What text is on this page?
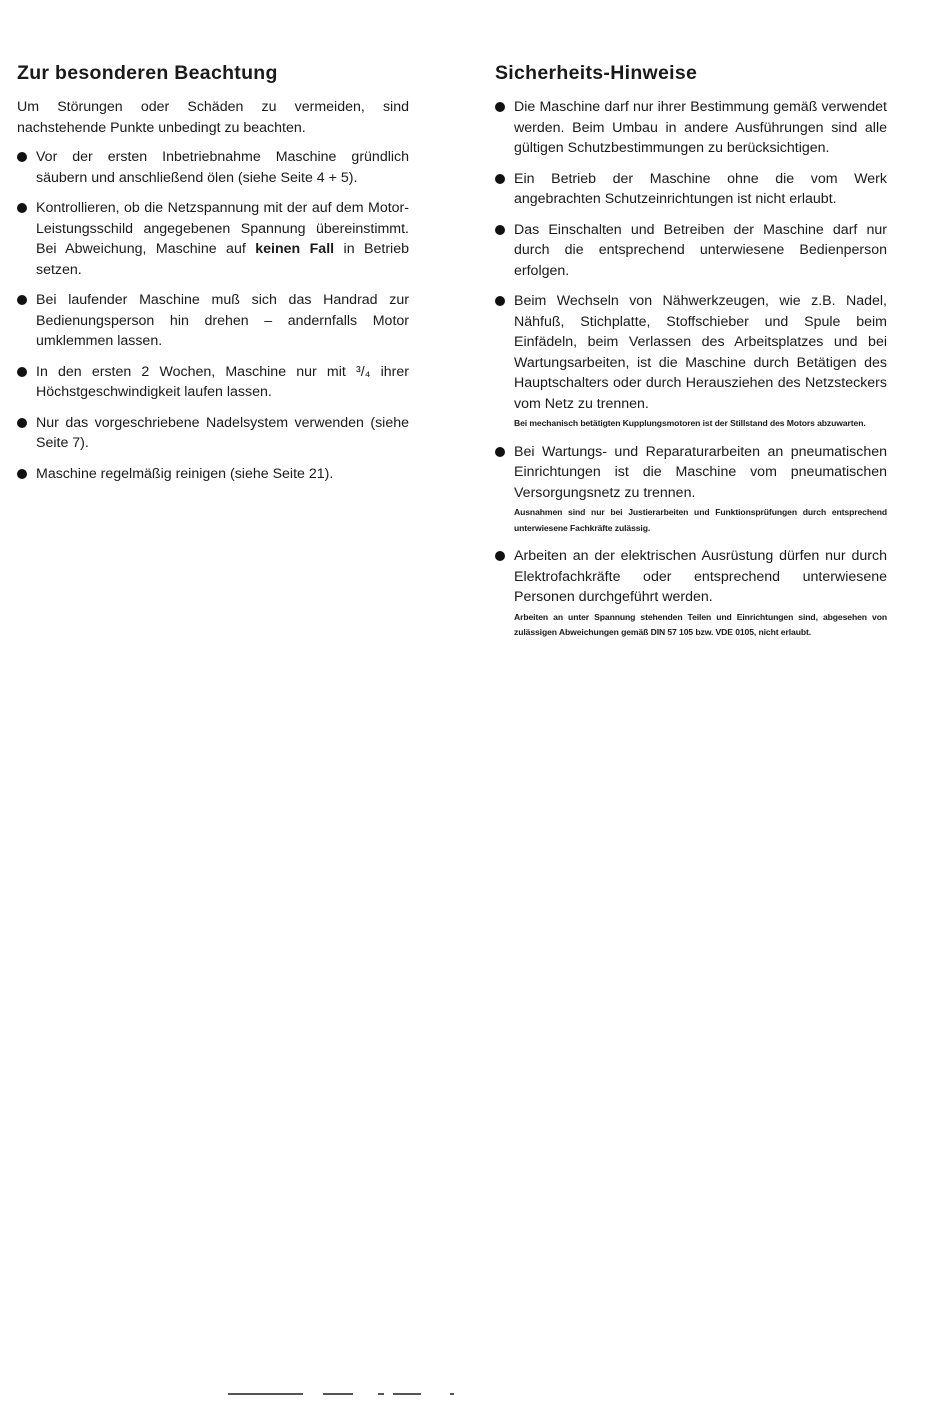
Zur besonderen Beachtung

Um Störungen oder Schäden zu vermeiden, sind nachstehende Punkte unbedingt zu beachten.

Vor der ersten Inbetriebnahme Maschine gründlich säubern und anschließend ölen (siehe Seite 4 + 5).
Kontrollieren, ob die Netzspannung mit der auf dem Motor-Leistungsschild angegebenen Spannung übereinstimmt. Bei Abweichung, Maschine auf keinen Fall in Betrieb setzen.
Bei laufender Maschine muß sich das Handrad zur Bedienungsperson hin drehen – andernfalls Motor umklemmen lassen.
In den ersten 2 Wochen, Maschine nur mit ³/₄ ihrer Höchstgeschwindigkeit laufen lassen.
Nur das vorgeschriebene Nadelsystem verwenden (siehe Seite 7).
Maschine regelmäßig reinigen (siehe Seite 21).
Sicherheits-Hinweise
Die Maschine darf nur ihrer Bestimmung gemäß verwendet werden. Beim Umbau in andere Ausführungen sind alle gültigen Schutzbestimmungen zu berücksichtigen.
Ein Betrieb der Maschine ohne die vom Werk angebrachten Schutzeinrichtungen ist nicht erlaubt.
Das Einschalten und Betreiben der Maschine darf nur durch die entsprechend unterwiesene Bedienperson erfolgen.
Beim Wechseln von Nähwerkzeugen, wie z.B. Nadel, Nähfuß, Stichplatte, Stoffschieber und Spule beim Einfädeln, beim Verlassen des Arbeitsplatzes und bei Wartungsarbeiten, ist die Maschine durch Betätigen des Hauptschalters oder durch Herausziehen des Netzsteckers vom Netz zu trennen.
Bei mechanisch betätigten Kupplungsmotoren ist der Stillstand des Motors abzuwarten.
Bei Wartungs- und Reparaturarbeiten an pneumatischen Einrichtungen ist die Maschine vom pneumatischen Versorgungsnetz zu trennen.
Ausnahmen sind nur bei Justierarbeiten und Funktionsprüfungen durch entsprechend unterwiesene Fachkräfte zulässig.
Arbeiten an der elektrischen Ausrüstung dürfen nur durch Elektrofachkräfte oder entsprechend unterwiesene Personen durchgeführt werden.
Arbeiten an unter Spannung stehenden Teilen und Einrichtungen sind, abgesehen von zulässigen Abweichungen gemäß DIN 57 105 bzw. VDE 0105, nicht erlaubt.
